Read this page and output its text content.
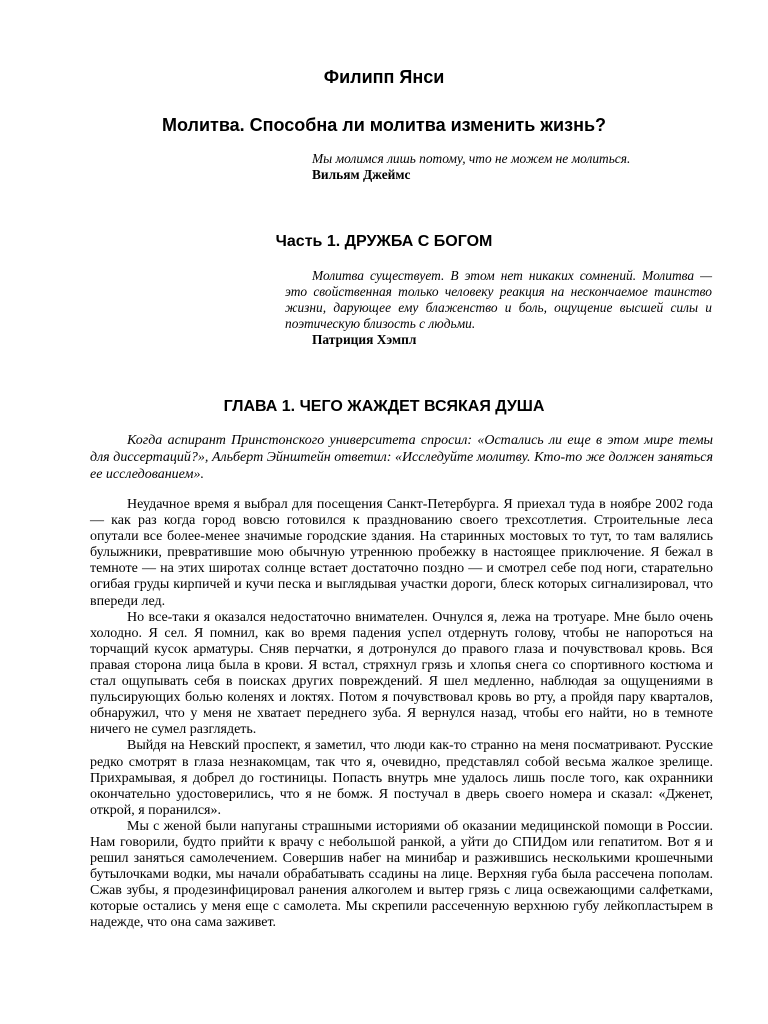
Филипп Янси
Молитва. Способна ли молитва изменить жизнь?

Мы молимся лишь потому, что не можем не молиться.

Вильям Джеймс

Часть 1. ДРУЖБА С БОГОМ

Молитва существует. В этом нет никаких сомнений. Молитва — это свойственная только человеку реакция на нескончаемое таинство жизни, дарующее ему блаженство и боль, ощущение высшей силы и поэтическую близость с людьми.

Патриция Хэмпл

ГЛАВА 1. ЧЕГО ЖАЖДЕТ ВСЯКАЯ ДУША

Когда аспирант Принстонского университета спросил: «Остались ли еще в этом мире темы для диссертаций?», Альберт Эйнштейн ответил: «Исследуйте молитву. Кто-то же должен заняться ее исследованием».

Неудачное время я выбрал для посещения Санкт-Петербурга. Я приехал туда в ноябре 2002 года — как раз когда город вовсю готовился к празднованию своего трехсотлетия. Строительные леса опутали все более-менее значимые городские здания. На старинных мостовых то тут, то там валялись булыжники, превратившие мою обычную утреннюю пробежку в настоящее приключение. Я бежал в темноте — на этих широтах солнце встает достаточно поздно — и смотрел себе под ноги, старательно огибая груды кирпичей и кучи песка и выглядывая участки дороги, блеск которых сигнализировал, что впереди лед.

Но все-таки я оказался недостаточно внимателен. Очнулся я, лежа на тротуаре. Мне было очень холодно. Я сел. Я помнил, как во время падения успел отдернуть голову, чтобы не напороться на торчащий кусок арматуры. Сняв перчатки, я дотронулся до правого глаза и почувствовал кровь. Вся правая сторона лица была в крови. Я встал, стряхнул грязь и хлопья снега со спортивного костюма и стал ощупывать себя в поисках других повреждений. Я шел медленно, наблюдая за ощущениями в пульсирующих болью коленях и локтях. Потом я почувствовал кровь во рту, а пройдя пару кварталов, обнаружил, что у меня не хватает переднего зуба. Я вернулся назад, чтобы его найти, но в темноте ничего не сумел разглядеть.

Выйдя на Невский проспект, я заметил, что люди как-то странно на меня посматривают. Русские редко смотрят в глаза незнакомцам, так что я, очевидно, представлял собой весьма жалкое зрелище. Прихрамывая, я добрел до гостиницы. Попасть внутрь мне удалось лишь после того, как охранники окончательно удостоверились, что я не бомж. Я постучал в дверь своего номера и сказал: «Дженет, открой, я поранился».

Мы с женой были напуганы страшными историями об оказании медицинской помощи в России. Нам говорили, будто прийти к врачу с небольшой ранкой, а уйти до СПИДом или гепатитом. Вот я и решил заняться самолечением. Совершив набег на минибар и разжившись несколькими крошечными бутылочками водки, мы начали обрабатывать ссадины на лице. Верхняя губа была рассечена пополам. Сжав зубы, я продезинфицировал ранения алкоголем и вытер грязь с лица освежающими салфетками, которые остались у меня еще с самолета. Мы скрепили рассеченную верхнюю губу лейкопластырем в надежде, что она сама заживет.
